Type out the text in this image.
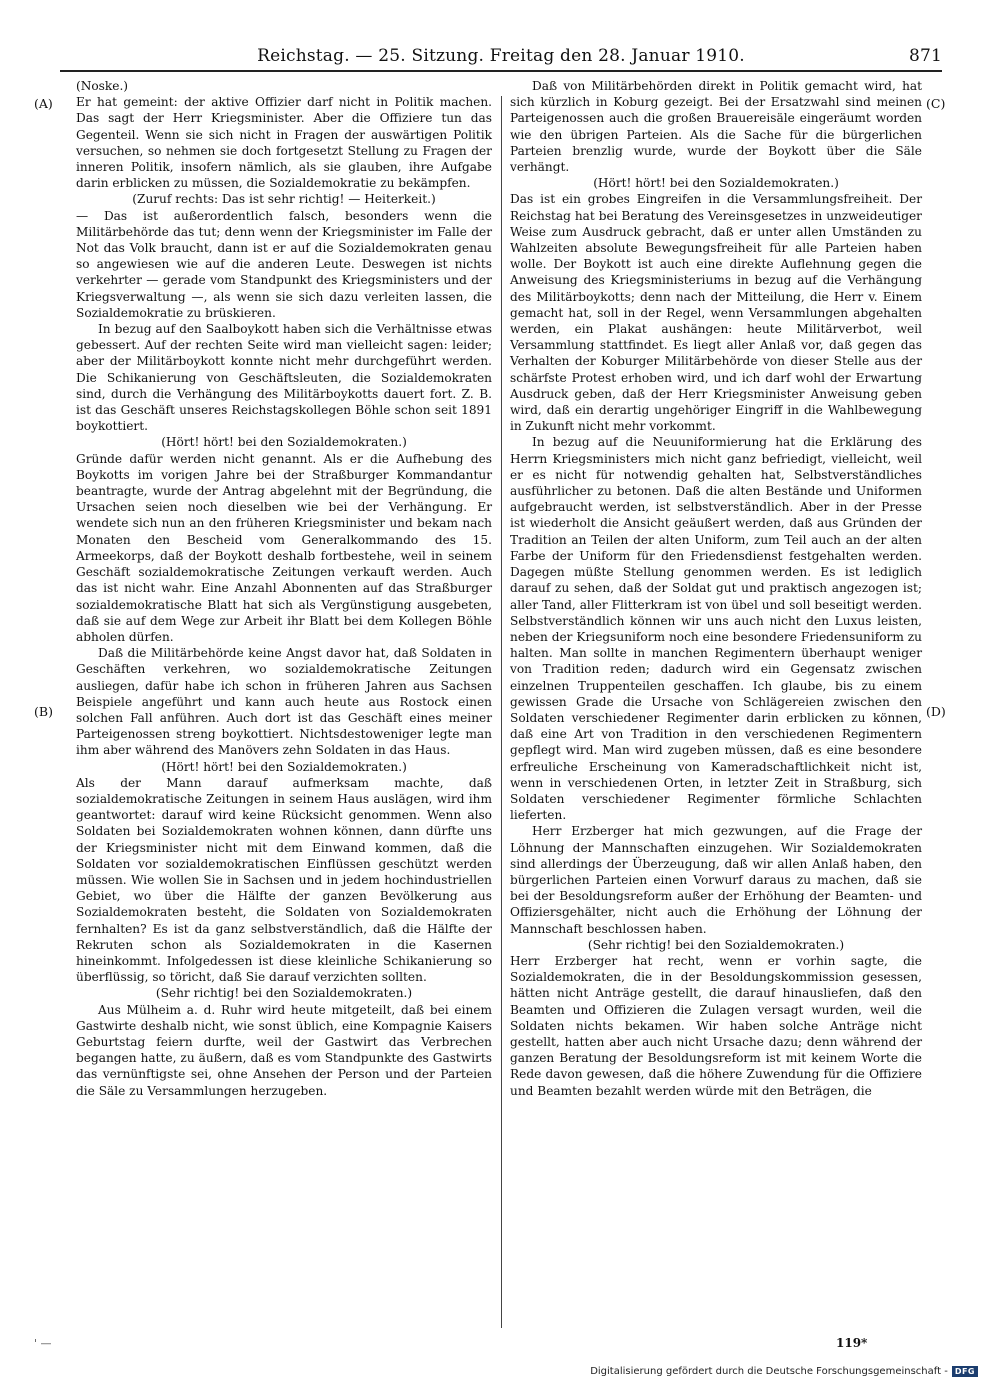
Reichstag. — 25. Sitzung. Freitag den 28. Januar 1910.	871
(A)
(B)
(C)
(D)

(Noske.)

Er hat gemeint: der aktive Offizier darf nicht in Politik machen. Das sagt der Herr Kriegsminister. Aber die Offiziere tun das Gegenteil. Wenn sie sich nicht in Fragen der auswärtigen Politik versuchen, so nehmen sie doch fortgesetzt Stellung zu Fragen der inneren Politik, insofern nämlich, als sie glauben, ihre Aufgabe darin erblicken zu müssen, die Sozialdemokratie zu bekämpfen.

(Zuruf rechts: Das ist sehr richtig! — Heiterkeit.)

— Das ist außerordentlich falsch, besonders wenn die Militärbehörde das tut; denn wenn der Kriegsminister im Falle der Not das Volk braucht, dann ist er auf die Sozialdemokraten genau so angewiesen wie auf die anderen Leute. Deswegen ist nichts verkehrter — gerade vom Standpunkt des Kriegsministers und der Kriegsverwaltung —, als wenn sie sich dazu verleiten lassen, die Sozialdemokratie zu brüskieren.

In bezug auf den Saalboykott haben sich die Verhältnisse etwas gebessert. Auf der rechten Seite wird man vielleicht sagen: leider; aber der Militärboykott konnte nicht mehr durchgeführt werden. Die Schikanierung von Geschäftsleuten, die Sozialdemokraten sind, durch die Verhängung des Militärboykotts dauert fort. Z. B. ist das Geschäft unseres Reichstagskollegen Böhle schon seit 1891 boykottiert.

(Hört! hört! bei den Sozialdemokraten.)

Gründe dafür werden nicht genannt. Als er die Aufhebung des Boykotts im vorigen Jahre bei der Straßburger Kommandantur beantragte, wurde der Antrag abgelehnt mit der Begründung, die Ursachen seien noch dieselben wie bei der Verhängung. Er wendete sich nun an den früheren Kriegsminister und bekam nach Monaten den Bescheid vom Generalkommando des 15. Armeekorps, daß der Boykott deshalb fortbestehe, weil in seinem Geschäft sozialdemokratische Zeitungen verkauft werden. Auch das ist nicht wahr. Eine Anzahl Abonnenten auf das Straßburger sozialdemokratische Blatt hat sich als Vergünstigung ausgebeten, daß sie auf dem Wege zur Arbeit ihr Blatt bei dem Kollegen Böhle abholen dürfen.

Daß die Militärbehörde keine Angst davor hat, daß Soldaten in Geschäften verkehren, wo sozialdemokratische Zeitungen ausliegen, dafür habe ich schon in früheren Jahren aus Sachsen Beispiele angeführt und kann auch heute aus Rostock einen solchen Fall anführen. Auch dort ist das Geschäft eines meiner Parteigenossen streng boykottiert. Nichtsdestoweniger legte man ihm aber während des Manövers zehn Soldaten in das Haus.

(Hört! hört! bei den Sozialdemokraten.)

Als der Mann darauf aufmerksam machte, daß sozialdemokratische Zeitungen in seinem Haus auslägen, wird ihm geantwortet: darauf wird keine Rücksicht genommen. Wenn also Soldaten bei Sozialdemokraten wohnen können, dann dürfte uns der Kriegsminister nicht mit dem Einwand kommen, daß die Soldaten vor sozialdemokratischen Einflüssen geschützt werden müssen. Wie wollen Sie in Sachsen und in jedem hochindustriellen Gebiet, wo über die Hälfte der ganzen Bevölkerung aus Sozialdemokraten besteht, die Soldaten von Sozialdemokraten fernhalten? Es ist da ganz selbstverständlich, daß die Hälfte der Rekruten schon als Sozialdemokraten in die Kasernen hineinkommt. Infolgedessen ist diese kleinliche Schikanierung so überflüssig, so töricht, daß Sie darauf verzichten sollten.

(Sehr richtig! bei den Sozialdemokraten.)

Aus Mülheim a. d. Ruhr wird heute mitgeteilt, daß bei einem Gastwirte deshalb nicht, wie sonst üblich, eine Kompagnie Kaisers Geburtstag feiern durfte, weil der Gastwirt das Verbrechen begangen hatte, zu äußern, daß es vom Standpunkte des Gastwirts das vernünftigste sei, ohne Ansehen der Person und der Parteien die Säle zu Versammlungen herzugeben.

Daß von Militärbehörden direkt in Politik gemacht wird, hat sich kürzlich in Koburg gezeigt. Bei der Ersatzwahl sind meinen Parteigenossen auch die großen Brauereisäle eingeräumt worden wie den übrigen Parteien. Als die Sache für die bürgerlichen Parteien brenzlig wurde, wurde der Boykott über die Säle verhängt.

(Hört! hört! bei den Sozialdemokraten.)

Das ist ein grobes Eingreifen in die Versammlungsfreiheit. Der Reichstag hat bei Beratung des Vereinsgesetzes in unzweideutiger Weise zum Ausdruck gebracht, daß er unter allen Umständen zu Wahlzeiten absolute Bewegungsfreiheit für alle Parteien haben wolle. Der Boykott ist auch eine direkte Auflehnung gegen die Anweisung des Kriegsministeriums in bezug auf die Verhängung des Militärboykotts; denn nach der Mitteilung, die Herr v. Einem gemacht hat, soll in der Regel, wenn Versammlungen abgehalten werden, ein Plakat aushängen: heute Militärverbot, weil Versammlung stattfindet. Es liegt aller Anlaß vor, daß gegen das Verhalten der Koburger Militärbehörde von dieser Stelle aus der schärfste Protest erhoben wird, und ich darf wohl der Erwartung Ausdruck geben, daß der Herr Kriegsminister Anweisung geben wird, daß ein derartig ungehöriger Eingriff in die Wahlbewegung in Zukunft nicht mehr vorkommt.

In bezug auf die Neuuniformierung hat die Erklärung des Herrn Kriegsministers mich nicht ganz befriedigt, vielleicht, weil er es nicht für notwendig gehalten hat, Selbstverständliches ausführlicher zu betonen. Daß die alten Bestände und Uniformen aufgebraucht werden, ist selbstverständlich. Aber in der Presse ist wiederholt die Ansicht geäußert werden, daß aus Gründen der Tradition an Teilen der alten Uniform, zum Teil auch an der alten Farbe der Uniform für den Friedensdienst festgehalten werden. Dagegen müßte Stellung genommen werden. Es ist lediglich darauf zu sehen, daß der Soldat gut und praktisch angezogen ist; aller Tand, aller Flitterkram ist von übel und soll beseitigt werden. Selbstverständlich können wir uns auch nicht den Luxus leisten, neben der Kriegsuniform noch eine besondere Friedensuniform zu halten. Man sollte in manchen Regimentern überhaupt weniger von Tradition reden; dadurch wird ein Gegensatz zwischen einzelnen Truppenteilen geschaffen. Ich glaube, bis zu einem gewissen Grade die Ursache von Schlägereien zwischen den Soldaten verschiedener Regimenter darin erblicken zu können, daß eine Art von Tradition in den verschiedenen Regimentern gepflegt wird. Man wird zugeben müssen, daß es eine besondere erfreuliche Erscheinung von Kameradschaftlichkeit nicht ist, wenn in verschiedenen Orten, in letzter Zeit in Straßburg, sich Soldaten verschiedener Regimenter förmliche Schlachten lieferten.

Herr Erzberger hat mich gezwungen, auf die Frage der Löhnung der Mannschaften einzugehen. Wir Sozialdemokraten sind allerdings der Überzeugung, daß wir allen Anlaß haben, den bürgerlichen Parteien einen Vorwurf daraus zu machen, daß sie bei der Besoldungsreform außer der Erhöhung der Beamten- und Offiziersgehälter, nicht auch die Erhöhung der Löhnung der Mannschaft beschlossen haben.

(Sehr richtig! bei den Sozialdemokraten.)

Herr Erzberger hat recht, wenn er vorhin sagte, die Sozialdemokraten, die in der Besoldungskommission gesessen, hätten nicht Anträge gestellt, die darauf hinausliefen, daß den Beamten und Offizieren die Zulagen versagt wurden, weil die Soldaten nichts bekamen. Wir haben solche Anträge nicht gestellt, hatten aber auch nicht Ursache dazu; denn während der ganzen Beratung der Besoldungsreform ist mit keinem Worte die Rede davon gewesen, daß die höhere Zuwendung für die Offiziere und Beamten bezahlt werden würde mit den Beträgen, die

' —	119*
Digitalisierung gefördert durch die Deutsche Forschungsgemeinschaft - DFG
